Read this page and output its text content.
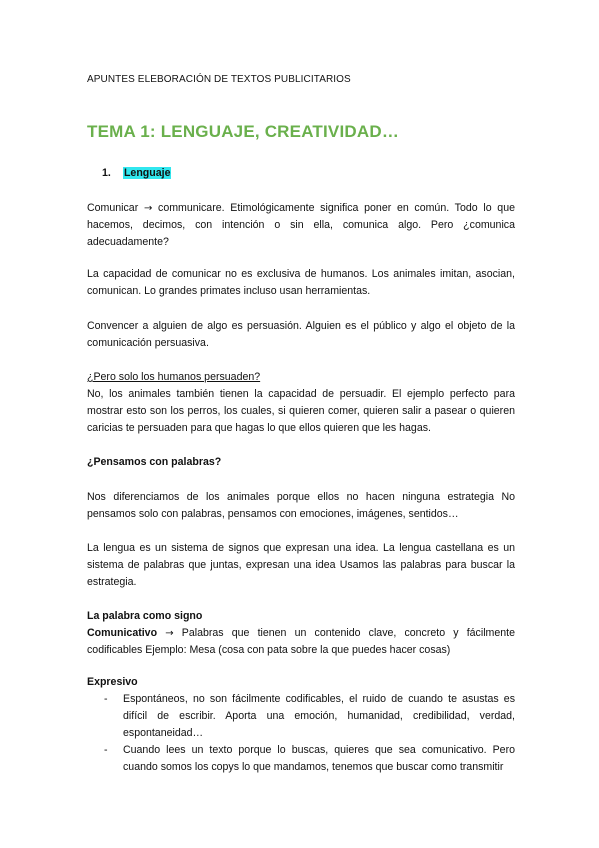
APUNTES ELEBORACIÓN DE TEXTOS PUBLICITARIOS
TEMA 1: LENGUAJE, CREATIVIDAD…
1. Lenguaje
Comunicar → communicare. Etimológicamente significa poner en común. Todo lo que hacemos, decimos, con intención o sin ella, comunica algo. Pero ¿comunica adecuadamente?
La capacidad de comunicar no es exclusiva de humanos. Los animales imitan, asocian, comunican. Lo grandes primates incluso usan herramientas.
Convencer a alguien de algo es persuasión. Alguien es el público y algo el objeto de la comunicación persuasiva.
¿Pero solo los humanos persuaden?
No, los animales también tienen la capacidad de persuadir. El ejemplo perfecto para mostrar esto son los perros, los cuales, si quieren comer, quieren salir a pasear o quieren caricias te persuaden para que hagas lo que ellos quieren que les hagas.
¿Pensamos con palabras?
Nos diferenciamos de los animales porque ellos no hacen ninguna estrategia No pensamos solo con palabras, pensamos con emociones, imágenes, sentidos…
La lengua es un sistema de signos que expresan una idea. La lengua castellana es un sistema de palabras que juntas, expresan una idea Usamos las palabras para buscar la estrategia.
La palabra como signo
Comunicativo → Palabras que tienen un contenido clave, concreto y fácilmente codificables Ejemplo: Mesa (cosa con pata sobre la que puedes hacer cosas)
Expresivo
- Espontáneos, no son fácilmente codificables, el ruido de cuando te asustas es difícil de escribir. Aporta una emoción, humanidad, credibilidad, verdad, espontaneidad…
- Cuando lees un texto porque lo buscas, quieres que sea comunicativo. Pero cuando somos los copys lo que mandamos, tenemos que buscar como transmitir
